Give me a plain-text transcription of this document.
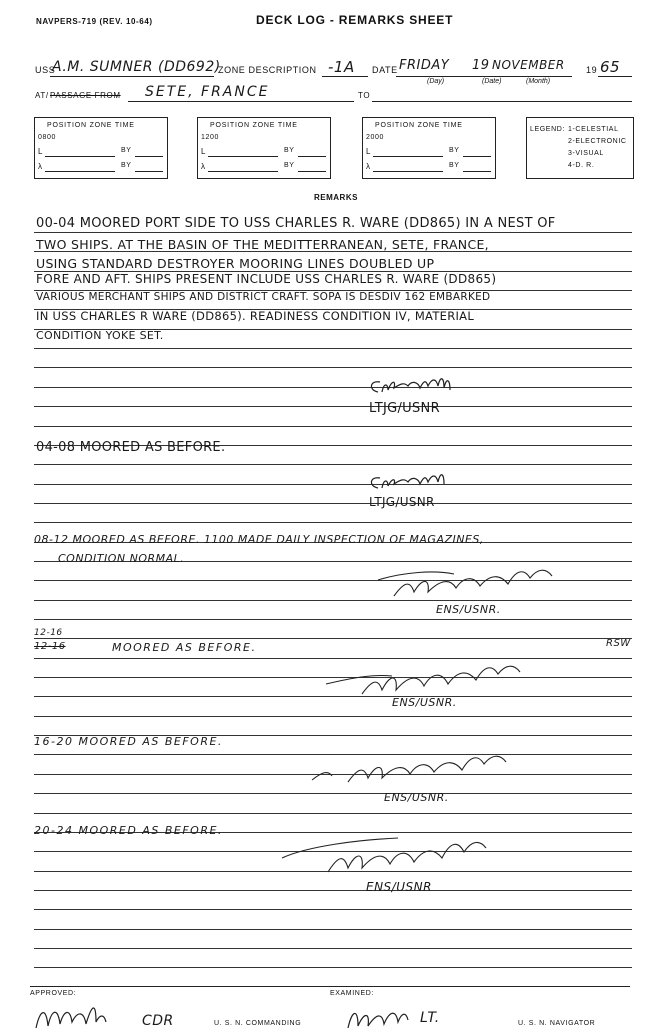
NAVPERS-719 (REV. 10-64)	DECK LOG - REMARKS SHEET
USS
A.M. SUMNER (DD692)
ZONE DESCRIPTION -1A DATE FRIDAY 19 NOVEMBER 19 65
(Day)	(Date)	(Month)
AT/ PASSAGE FROM SETE, FRANCE	TO
POSITION ZONE TIME
0800
L
λ
BY
BY
POSITION ZONE TIME
1200
L
λ
BY
BY
POSITION ZONE TIME
2000
L
λ
BY
BY
LEGEND: 1-CELESTIAL
2-ELECTRONIC
3-VISUAL
4-D. R.
REMARKS
00-04 MOORED PORT SIDE TO USS CHARLES R. WARE (DD865) IN A NEST OF
TWO SHIPS. AT THE BASIN OF THE MEDITTERRANEAN, SETE, FRANCE,
USING STANDARD DESTROYER MOORING LINES DOUBLED UP
FORE AND AFT. SHIPS PRESENT INCLUDE USS CHARLES R. WARE (DD865)
VARIOUS MERCHANT SHIPS AND DISTRICT CRAFT. SOPA IS DESDIV 162 EMBARKED
IN USS CHARLES R WARE (DD865). READINESS CONDITION IV, MATERIAL
CONDITION YOKE SET.
LTJG/USNR
04-08 MOORED AS BEFORE.
LTJG/USNR
08-12 MOORED AS BEFORE. 1100 MADE DAILY INSPECTION OF MAGAZINES,
CONDITION NORMAL.
ENS/USNR.
12-16
12-16	MOORED AS BEFORE.	RSW
ENS/USNR.
16-20 MOORED AS BEFORE.
ENS/USNR.
20-24 MOORED AS BEFORE.
ENS/USNR
APPROVED:	EXAMINED:
CDR	U. S. N. COMMANDING	LT.	U. S. N. NAVIGATOR
